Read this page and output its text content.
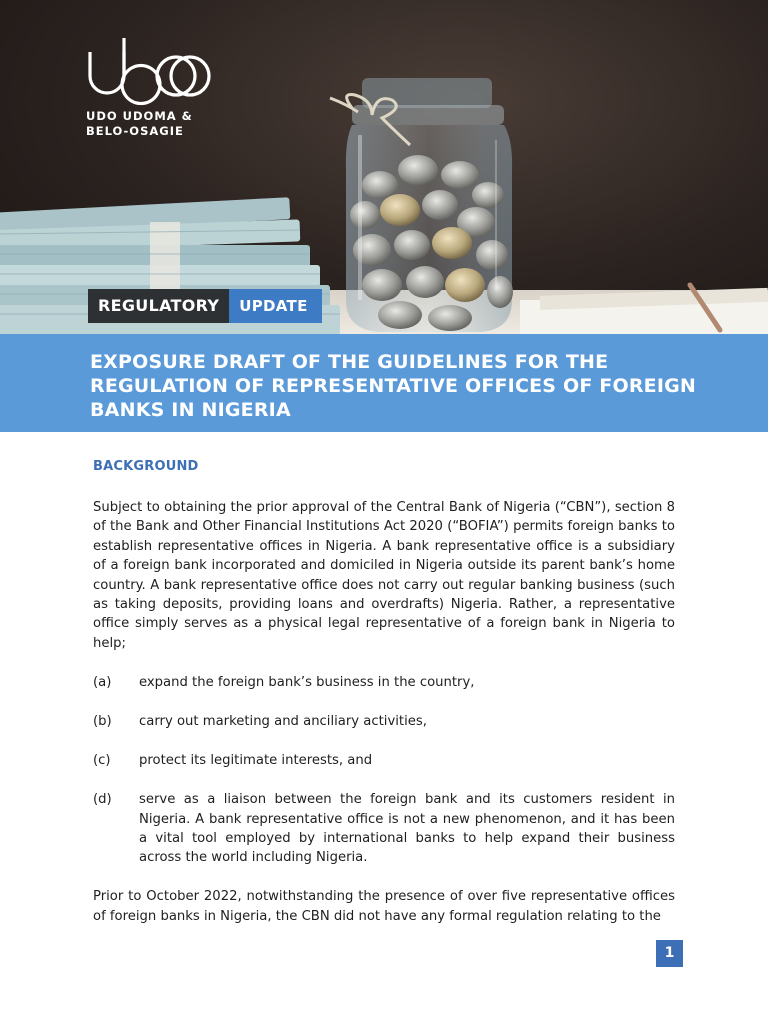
UDO UDOMA &
BELO-OSAGIE
REGULATORY	UPDATE
EXPOSURE DRAFT OF THE GUIDELINES FOR THE REGULATION OF REPRESENTATIVE OFFICES OF FOREIGN BANKS IN NIGERIA

BACKGROUND

Subject to obtaining the prior approval of the Central Bank of Nigeria (“CBN”), section 8 of the Bank and Other Financial Institutions Act 2020 (“BOFIA”) permits foreign banks to establish representative offices in Nigeria. A bank representative office is a subsidiary of a foreign bank incorporated and domiciled in Nigeria outside its parent bank’s home country. A bank representative office does not carry out regular banking business (such as taking deposits, providing loans and overdrafts) Nigeria. Rather, a representative office simply serves as a physical legal representative of a foreign bank in Nigeria to help;

(a)	expand the foreign bank’s business in the country,
(b)	carry out marketing and anciliary activities,
(c)	protect its legitimate interests, and
(d)	serve as a liaison between the foreign bank and its customers resident in Nigeria. A bank representative office is not a new phenomenon, and it has been a vital tool employed by international banks to help expand their business across the world including Nigeria.

Prior to October 2022, notwithstanding the presence of over five representative offices of foreign banks in Nigeria, the CBN did not have any formal regulation relating to the

1
